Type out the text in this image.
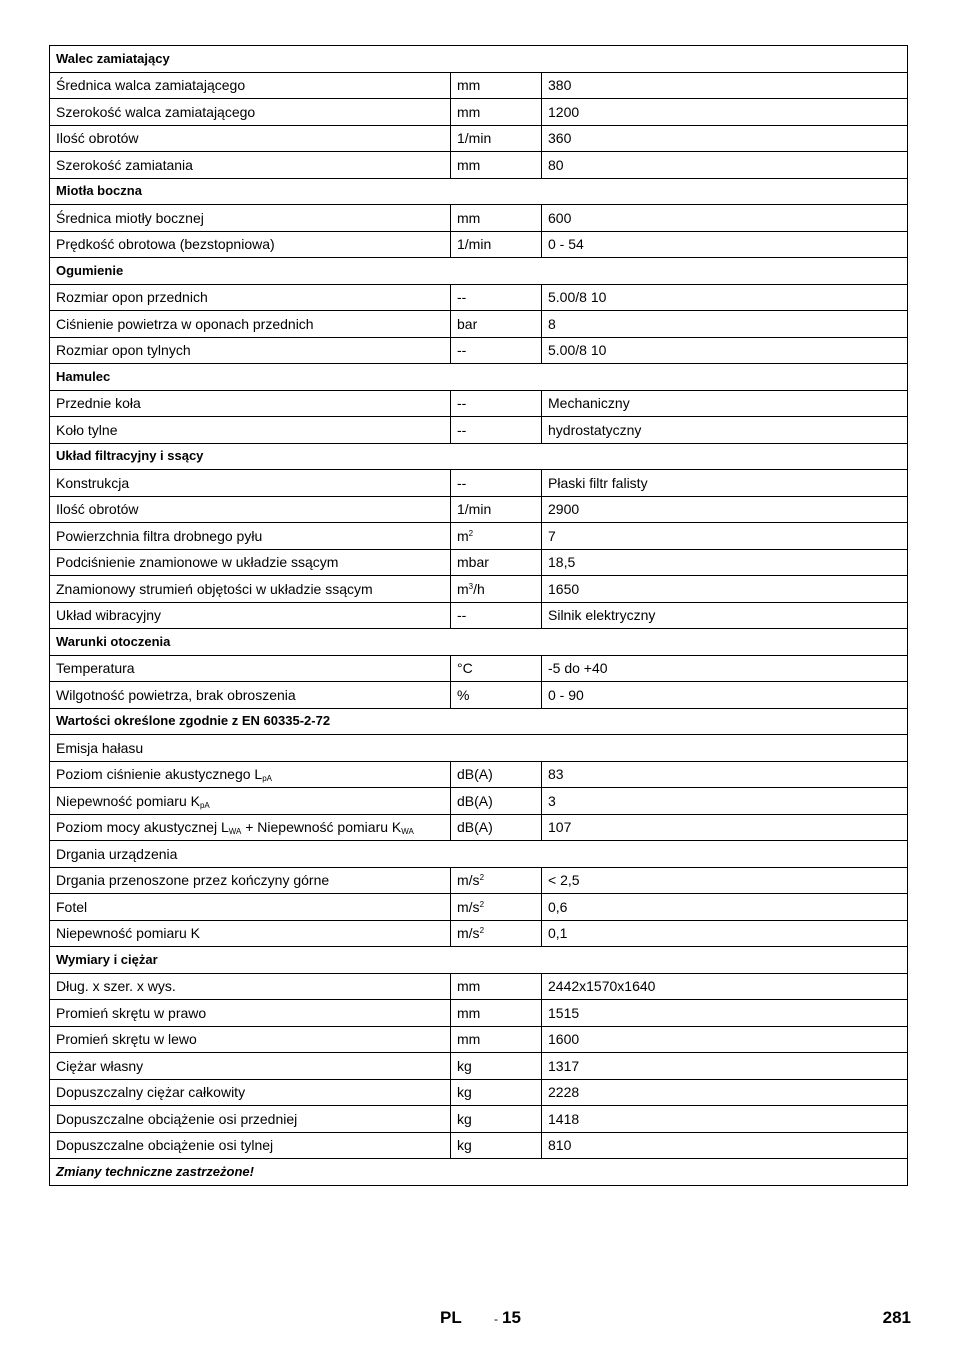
Walec zamiatający		
Średnica walca zamiatającego	mm	380
Szerokość walca zamiatającego	mm	1200
Ilość obrotów	1/min	360
Szerokość zamiatania	mm	80
Miotła boczna		
Średnica miotły bocznej	mm	600
Prędkość obrotowa (bezstopniowa)	1/min	0 - 54
Ogumienie		
Rozmiar opon przednich	--	5.00/8 10
Ciśnienie powietrza w oponach przednich	bar	8
Rozmiar opon tylnych	--	5.00/8 10
Hamulec		
Przednie koła	--	Mechaniczny
Koło tylne	--	hydrostatyczny
Układ filtracyjny i ssący		
Konstrukcja	--	Płaski filtr falisty
Ilość obrotów	1/min	2900
Powierzchnia filtra drobnego pyłu	$m^2$	7
Podciśnienie znamionowe w układzie ssącym	mbar	18,5
Znamionowy strumień objętości w układzie ssącym	$m^3/h$	1650
Układ wibracyjny	--	Silnik elektryczny
Warunki otoczenia		
Temperatura	°C	-5 do +40
Wilgotność powietrza, brak obroszenia	%	0 - 90
Wartości określone zgodnie z EN 60335-2-72		
Emisja hałasu		
Poziom ciśnienie akustycznego $L_{pA}$	dB(A)	83
Niepewność pomiaru $K_{pA}$	dB(A)	3
Poziom mocy akustycznej $L_{WA}$ + Niepewność pomiaru $K_{WA}$	dB(A)	107
Drgania urządzenia		
Drgania przenoszone przez kończyny górne	$m/s^2$	< 2,5
Fotel	$m/s^2$	0,6
Niepewność pomiaru K	$m/s^2$	0,1
Wymiary i ciężar		
Dług. x szer. x wys.	mm	2442x1570x1640
Promień skrętu w prawo	mm	1515
Promień skrętu w lewo	mm	1600
Ciężar własny	kg	1317
Dopuszczalny ciężar całkowity	kg	2228
Dopuszczalne obciążenie osi przedniej	kg	1418
Dopuszczalne obciążenie osi tylnej	kg	810
Zmiany techniczne zastrzeżone!		
PL	- 15	281
